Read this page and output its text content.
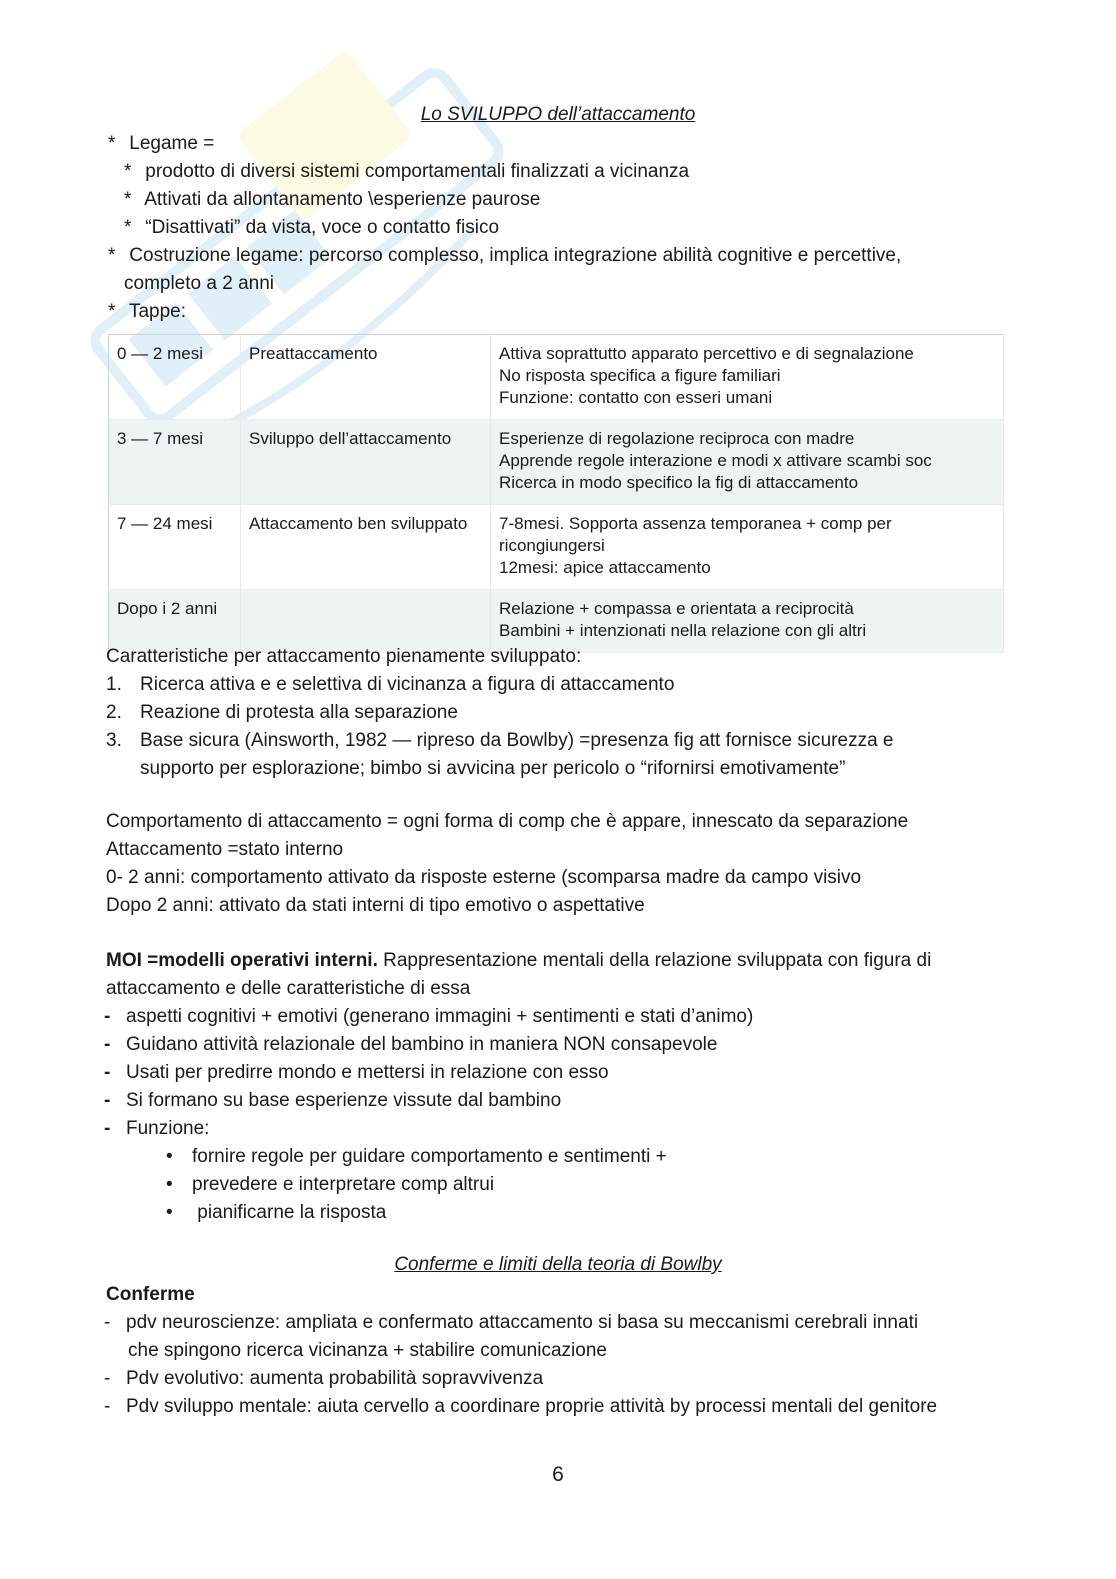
Lo SVILUPPO dell’attaccamento
* Legame =
* prodotto di diversi sistemi comportamentali finalizzati a vicinanza
* Attivati da allontanamento \esperienze paurose
* “Disattivati” da vista, voce o contatto fisico
* Costruzione legame: percorso complesso, implica integrazione abilità cognitive e percettive,
completo a 2 anni
* Tappe:
0 — 2 mesi	Preattaccamento	Attiva soprattutto apparato percettivo e di segnalazione
No risposta specifica a figure familiari
Funzione: contatto con esseri umani

3 — 7 mesi	Sviluppo dell’attaccamento	Esperienze di regolazione reciproca con madre
Apprende regole interazione e modi x attivare scambi soc
Ricerca in modo specifico la fig di attaccamento

7 — 24 mesi	Attaccamento ben sviluppato	7-8mesi. Sopporta assenza temporanea + comp per ricongiungersi
12mesi: apice attaccamento

Dopo i 2 anni		Relazione + compassa e orientata a reciprocità
Bambini + intenzionati nella relazione con gli altri
Caratteristiche per attaccamento pienamente sviluppato:
1. Ricerca attiva e e selettiva di vicinanza a figura di attaccamento
2. Reazione di protesta alla separazione
3. Base sicura (Ainsworth, 1982 — ripreso da Bowlby) =presenza fig att fornisce sicurezza e
supporto per esplorazione; bimbo si avvicina per pericolo o “rifornirsi emotivamente”
Comportamento di attaccamento = ogni forma di comp che è appare, innescato da separazione
Attaccamento =stato interno
0- 2 anni: comportamento attivato da risposte esterne (scomparsa madre da campo visivo
Dopo 2 anni: attivato da stati interni di tipo emotivo o aspettative
MOI =modelli operativi interni. Rappresentazione mentali della relazione sviluppata con figura di
attaccamento e delle caratteristiche di essa
- aspetti cognitivi + emotivi (generano immagini + sentimenti e stati d’animo)
- Guidano attività relazionale del bambino in maniera NON consapevole
- Usati per predirre mondo e mettersi in relazione con esso
- Si formano su base esperienze vissute dal bambino
- Funzione:
• fornire regole per guidare comportamento e sentimenti +
• prevedere e interpretare comp altrui
• pianificarne la risposta
Conferme e limiti della teoria di Bowlby
Conferme
- pdv neuroscienze: ampliata e confermato attaccamento si basa su meccanismi cerebrali innati
che spingono ricerca vicinanza + stabilire comunicazione
- Pdv evolutivo: aumenta probabilità sopravvivenza
- Pdv sviluppo mentale: aiuta cervello a coordinare proprie attività by processi mentali del genitore
6
